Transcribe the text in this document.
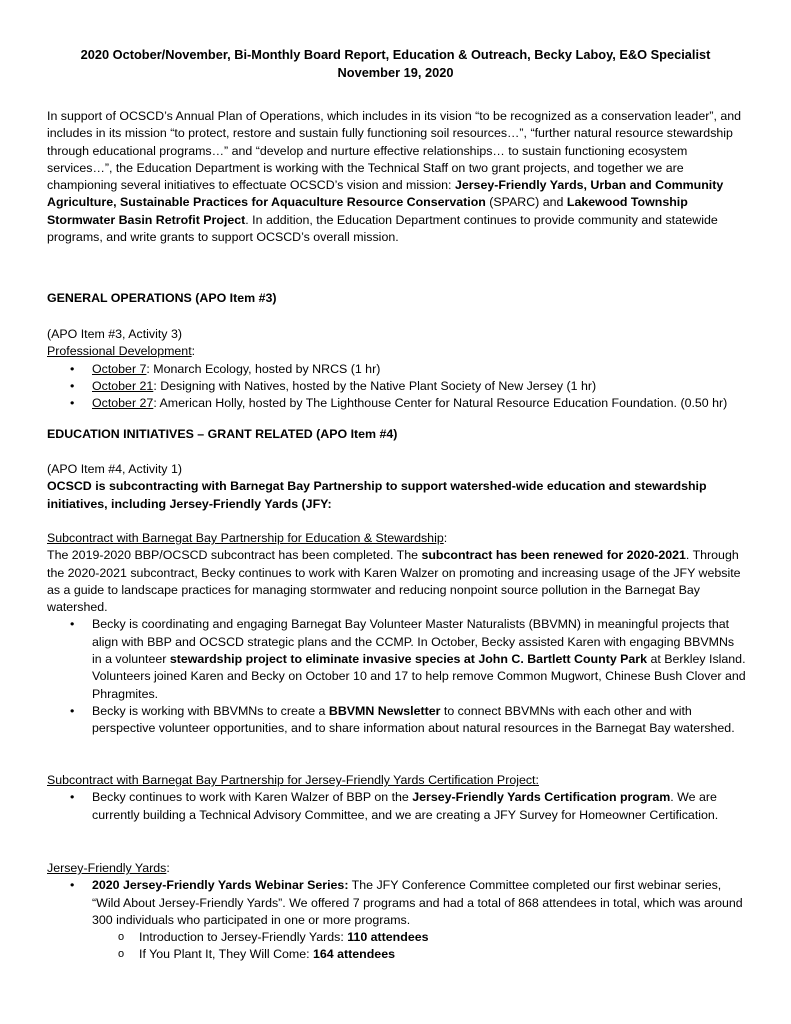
2020 October/November, Bi-Monthly Board Report, Education & Outreach, Becky Laboy, E&O Specialist
November 19, 2020

In support of OCSCD’s Annual Plan of Operations, which includes in its vision “to be recognized as a conservation leader”, and includes in its mission “to protect, restore and sustain fully functioning soil resources…”, “further natural resource stewardship through educational programs…” and “develop and nurture effective relationships… to sustain functioning ecosystem services…”, the Education Department is working with the Technical Staff on two grant projects, and together we are championing several initiatives to effectuate OCSCD’s vision and mission: Jersey-Friendly Yards, Urban and Community Agriculture, Sustainable Practices for Aquaculture Resource Conservation (SPARC) and Lakewood Township Stormwater Basin Retrofit Project. In addition, the Education Department continues to provide community and statewide programs, and write grants to support OCSCD’s overall mission.

GENERAL OPERATIONS (APO Item #3)
(APO Item #3, Activity 3)
Professional Development:
• October 7: Monarch Ecology, hosted by NRCS (1 hr)
• October 21: Designing with Natives, hosted by the Native Plant Society of New Jersey (1 hr)
• October 27: American Holly, hosted by The Lighthouse Center for Natural Resource Education Foundation. (0.50 hr)
EDUCATION INITIATIVES – GRANT RELATED (APO Item #4)
(APO Item #4, Activity 1)
OCSCD is subcontracting with Barnegat Bay Partnership to support watershed-wide education and stewardship initiatives, including Jersey-Friendly Yards (JFY:
Subcontract with Barnegat Bay Partnership for Education & Stewardship:

The 2019-2020 BBP/OCSCD subcontract has been completed. The subcontract has been renewed for 2020-2021. Through the 2020-2021 subcontract, Becky continues to work with Karen Walzer on promoting and increasing usage of the JFY website as a guide to landscape practices for managing stormwater and reducing nonpoint source pollution in the Barnegat Bay watershed.

• Becky is coordinating and engaging Barnegat Bay Volunteer Master Naturalists (BBVMN) in meaningful projects that align with BBP and OCSCD strategic plans and the CCMP. In October, Becky assisted Karen with engaging BBVMNs in a volunteer stewardship project to eliminate invasive species at John C. Bartlett County Park at Berkley Island. Volunteers joined Karen and Becky on October 10 and 17 to help remove Common Mugwort, Chinese Bush Clover and Phragmites.
• Becky is working with BBVMNs to create a BBVMN Newsletter to connect BBVMNs with each other and with perspective volunteer opportunities, and to share information about natural resources in the Barnegat Bay watershed.
Subcontract with Barnegat Bay Partnership for Jersey-Friendly Yards Certification Project:
• Becky continues to work with Karen Walzer of BBP on the Jersey-Friendly Yards Certification program. We are currently building a Technical Advisory Committee, and we are creating a JFY Survey for Homeowner Certification.
Jersey-Friendly Yards:
• 2020 Jersey-Friendly Yards Webinar Series: The JFY Conference Committee completed our first webinar series, “Wild About Jersey-Friendly Yards”. We offered 7 programs and had a total of 868 attendees in total, which was around 300 individuals who participated in one or more programs.
o Introduction to Jersey-Friendly Yards: 110 attendees
o If You Plant It, They Will Come: 164 attendees
